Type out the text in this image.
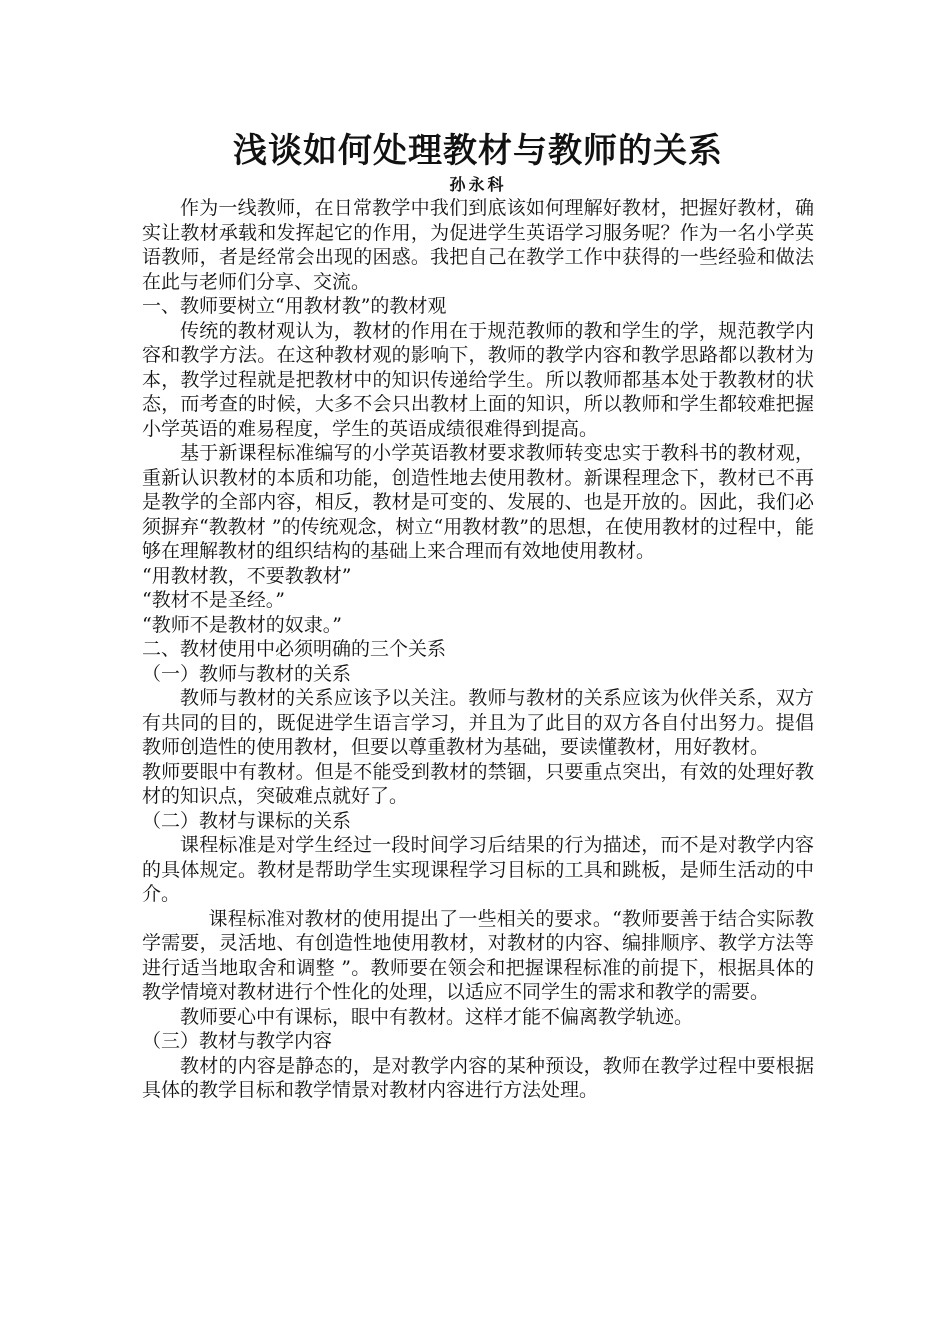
浅谈如何处理教材与教师的关系
孙永科

作为一线教师，在日常教学中我们到底该如何理解好教材，把握好教材，确实让教材承载和发挥起它的作用，为促进学生英语学习服务呢？作为一名小学英语教师，者是经常会出现的困惑。我把自己在教学工作中获得的一些经验和做法在此与老师们分享、交流。

一、教师要树立“用教材教”的教材观

传统的教材观认为，教材的作用在于规范教师的教和学生的学，规范教学内容和教学方法。在这种教材观的影响下，教师的教学内容和教学思路都以教材为本，教学过程就是把教材中的知识传递给学生。所以教师都基本处于教教材的状态，而考查的时候，大多不会只出教材上面的知识，所以教师和学生都较难把握小学英语的难易程度，学生的英语成绩很难得到提高。

基于新课程标准编写的小学英语教材要求教师转变忠实于教科书的教材观，重新认识教材的本质和功能，创造性地去使用教材。新课程理念下，教材已不再是教学的全部内容，相反，教材是可变的、发展的、也是开放的。因此，我们必须摒弃“教教材 ”的传统观念，树立“用教材教”的思想，在使用教材的过程中，能够在理解教材的组织结构的基础上来合理而有效地使用教材。

“用教材教，不要教教材”

“教材不是圣经。”

“教师不是教材的奴隶。”

二、教材使用中必须明确的三个关系

（一）教师与教材的关系

教师与教材的关系应该予以关注。教师与教材的关系应该为伙伴关系，双方有共同的目的，既促进学生语言学习，并且为了此目的双方各自付出努力。提倡教师创造性的使用教材，但要以尊重教材为基础，要读懂教材，用好教材。

教师要眼中有教材。但是不能受到教材的禁锢，只要重点突出，有效的处理好教材的知识点，突破难点就好了。

（二）教材与课标的关系

课程标准是对学生经过一段时间学习后结果的行为描述，而不是对教学内容的具体规定。教材是帮助学生实现课程学习目标的工具和跳板，是师生活动的中介。

课程标准对教材的使用提出了一些相关的要求。“教师要善于结合实际教学需要，灵活地、有创造性地使用教材，对教材的内容、编排顺序、教学方法等进行适当地取舍和调整 ”。教师要在领会和把握课程标准的前提下，根据具体的教学情境对教材进行个性化的处理，以适应不同学生的需求和教学的需要。

教师要心中有课标，眼中有教材。这样才能不偏离教学轨迹。

（三）教材与教学内容

教材的内容是静态的，是对教学内容的某种预设，教师在教学过程中要根据具体的教学目标和教学情景对教材内容进行方法处理。
